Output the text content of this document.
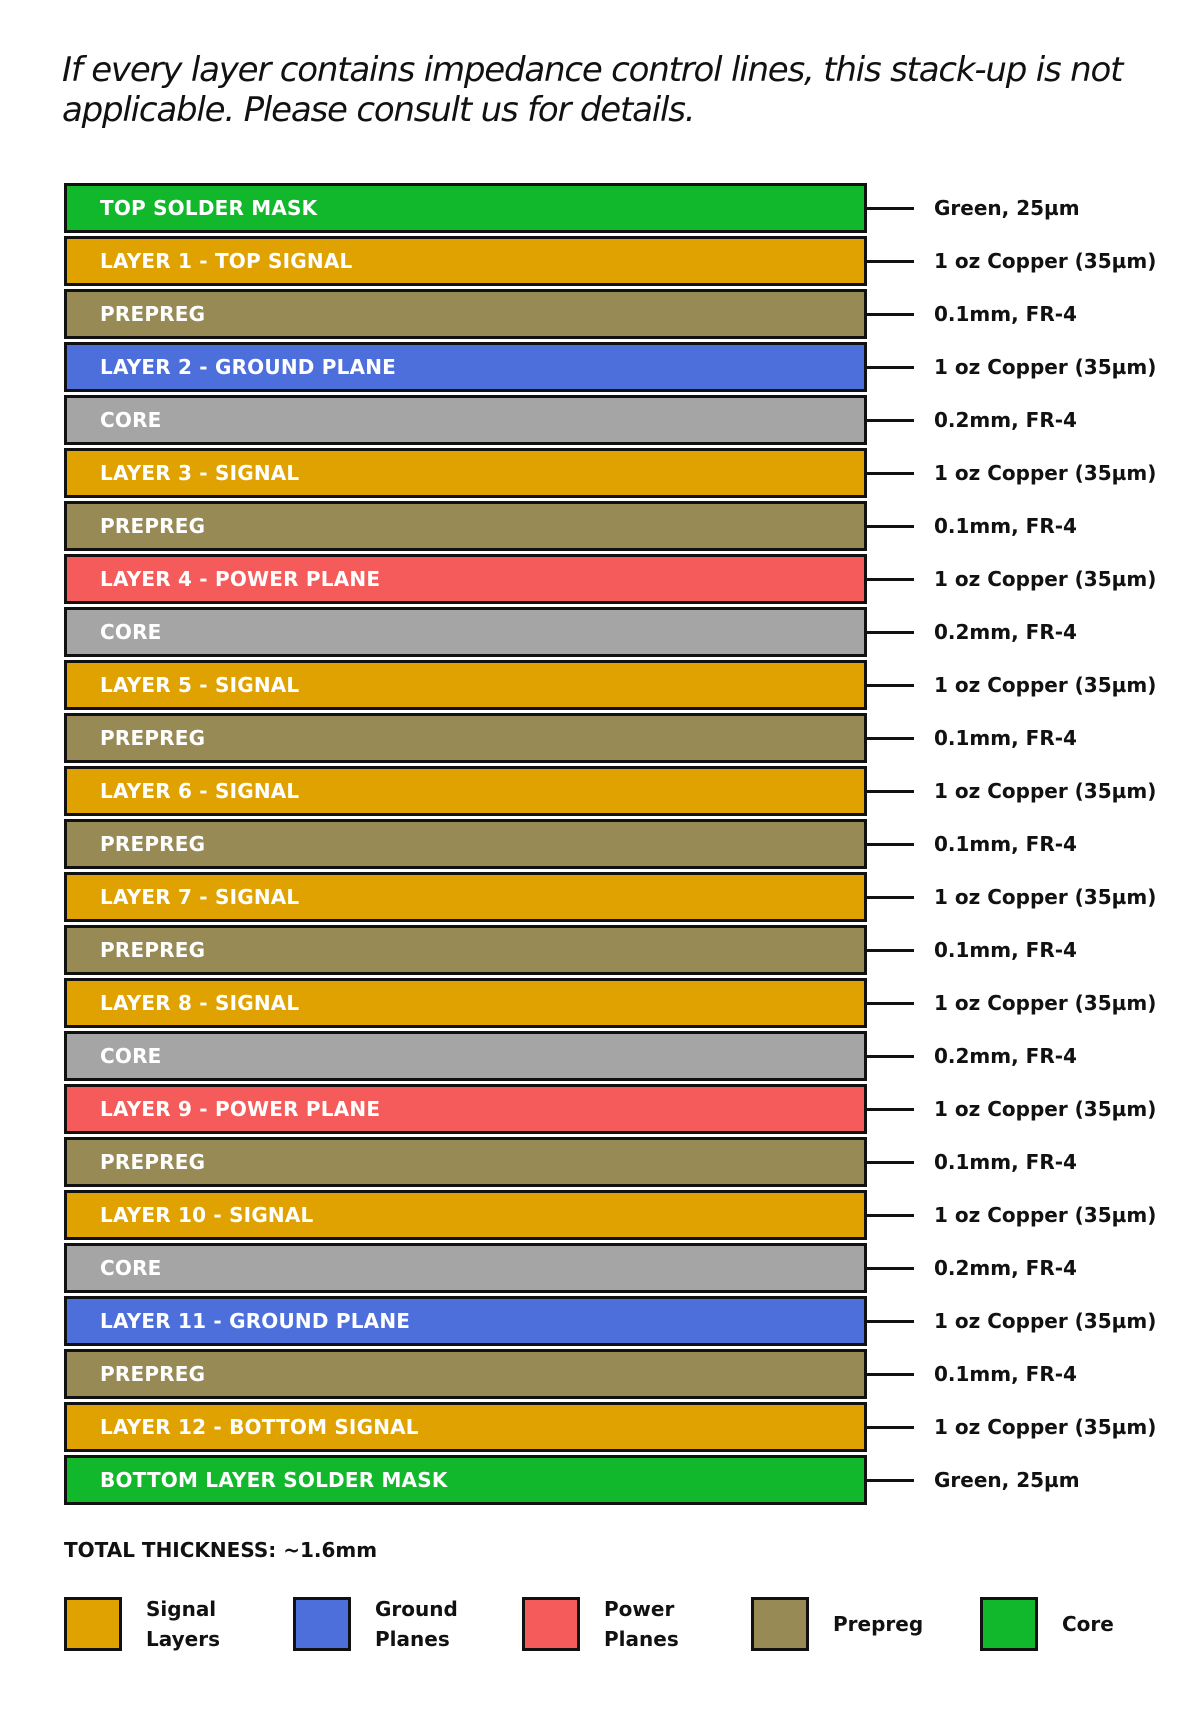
If every layer contains impedance control lines, this stack-up is not applicable. Please consult us for details.

TOP SOLDER MASK	Green, 25µm
LAYER 1 - TOP SIGNAL	1 oz Copper (35µm)
PREPREG	0.1mm, FR-4
LAYER 2 - GROUND PLANE	1 oz Copper (35µm)
CORE	0.2mm, FR-4
LAYER 3 - SIGNAL	1 oz Copper (35µm)
PREPREG	0.1mm, FR-4
LAYER 4 - POWER PLANE	1 oz Copper (35µm)
CORE	0.2mm, FR-4
LAYER 5 - SIGNAL	1 oz Copper (35µm)
PREPREG	0.1mm, FR-4
LAYER 6 - SIGNAL	1 oz Copper (35µm)
PREPREG	0.1mm, FR-4
LAYER 7 - SIGNAL	1 oz Copper (35µm)
PREPREG	0.1mm, FR-4
LAYER 8 - SIGNAL	1 oz Copper (35µm)
CORE	0.2mm, FR-4
LAYER 9 - POWER PLANE	1 oz Copper (35µm)
PREPREG	0.1mm, FR-4
LAYER 10 - SIGNAL	1 oz Copper (35µm)
CORE	0.2mm, FR-4
LAYER 11 - GROUND PLANE	1 oz Copper (35µm)
PREPREG	0.1mm, FR-4
LAYER 12 - BOTTOM SIGNAL	1 oz Copper (35µm)
BOTTOM LAYER SOLDER MASK	Green, 25µm

TOTAL THICKNESS: ~1.6mm

Signal Layers
Ground Planes
Power Planes
Prepreg	Core
